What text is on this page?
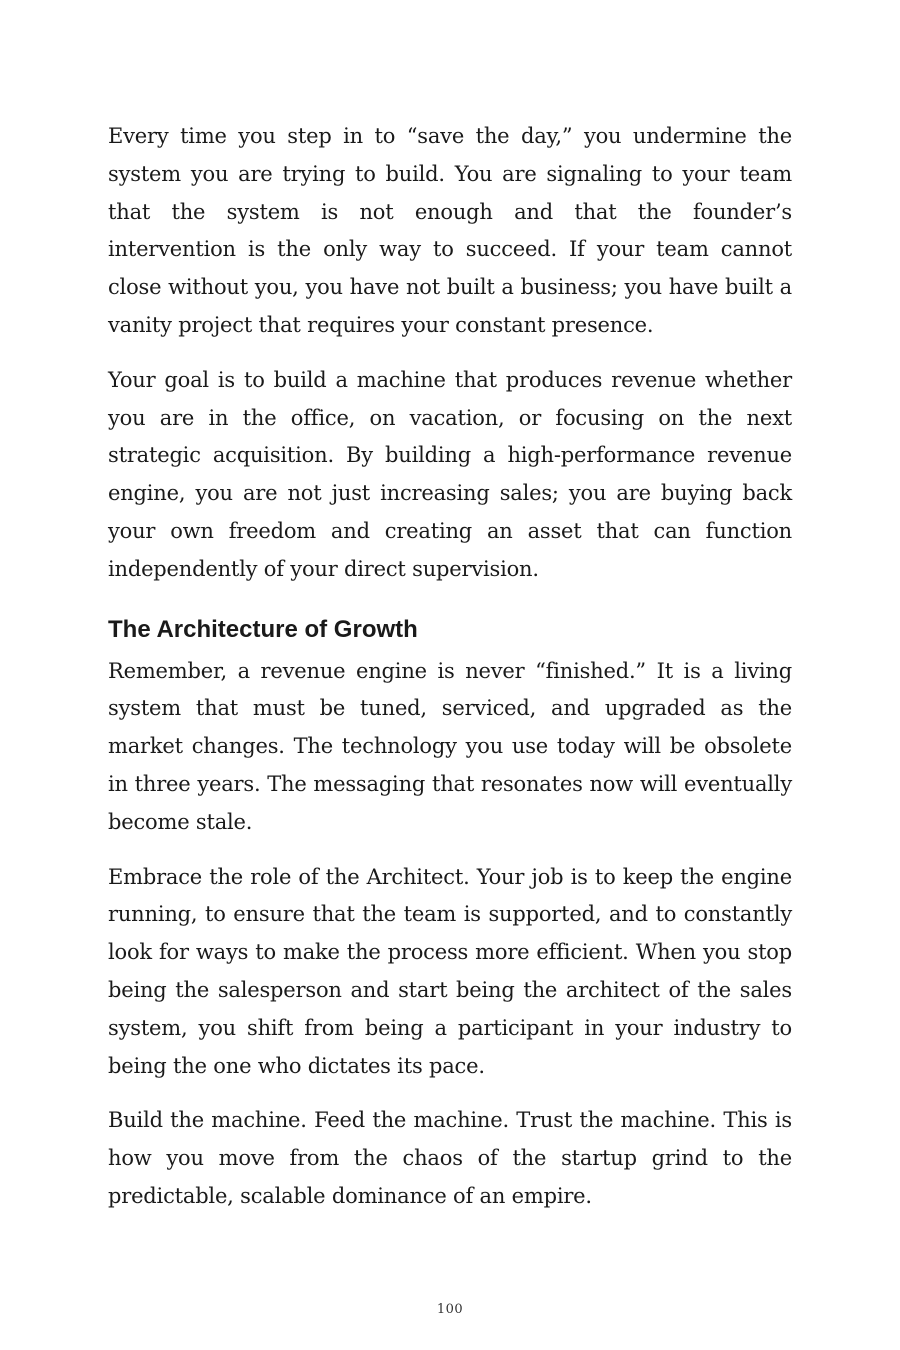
Every time you step in to “save the day,” you undermine the system you are trying to build. You are signaling to your team that the system is not enough and that the founder’s intervention is the only way to succeed. If your team cannot close without you, you have not built a business; you have built a vanity project that requires your constant presence.

Your goal is to build a machine that produces revenue whether you are in the office, on vacation, or focusing on the next strategic acquisition. By building a high-performance revenue engine, you are not just increasing sales; you are buying back your own freedom and creating an asset that can function independently of your direct supervision.

The Architecture of Growth

Remember, a revenue engine is never “finished.” It is a living system that must be tuned, serviced, and upgraded as the market changes. The technology you use today will be obsolete in three years. The messaging that resonates now will eventually become stale.

Embrace the role of the Architect. Your job is to keep the engine running, to ensure that the team is supported, and to constantly look for ways to make the process more efficient. When you stop being the salesperson and start being the architect of the sales system, you shift from being a participant in your industry to being the one who dictates its pace.

Build the machine. Feed the machine. Trust the machine. This is how you move from the chaos of the startup grind to the predictable, scalable dominance of an empire.

100
